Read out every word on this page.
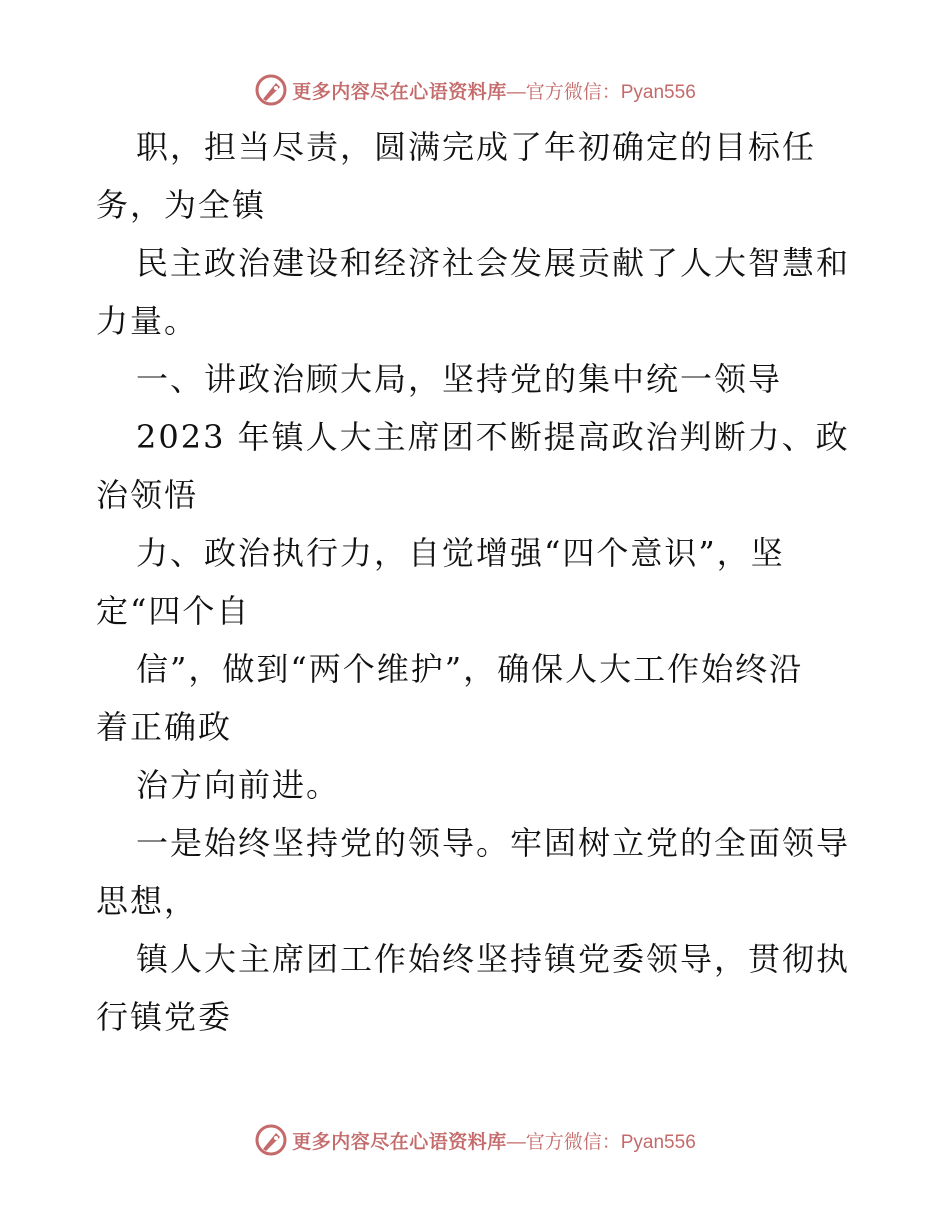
更多内容尽在心语资料库 —官方微信：Pyan556
职，担当尽责，圆满完成了年初确定的目标任
务，为全镇
民主政治建设和经济社会发展贡献了人大智慧和
力量。
一、讲政治顾大局，坚持党的集中统一领导
2023 年镇人大主席团不断提高政治判断力、政
治领悟
力、政治执行力，自觉增强“四个意识”，坚
定“四个自
信”，做到“两个维护”，确保人大工作始终沿
着正确政
治方向前进。
一是始终坚持党的领导。牢固树立党的全面领导
思想，
镇人大主席团工作始终坚持镇党委领导，贯彻执
行镇党委
更多内容尽在心语资料库 —官方微信：Pyan556
